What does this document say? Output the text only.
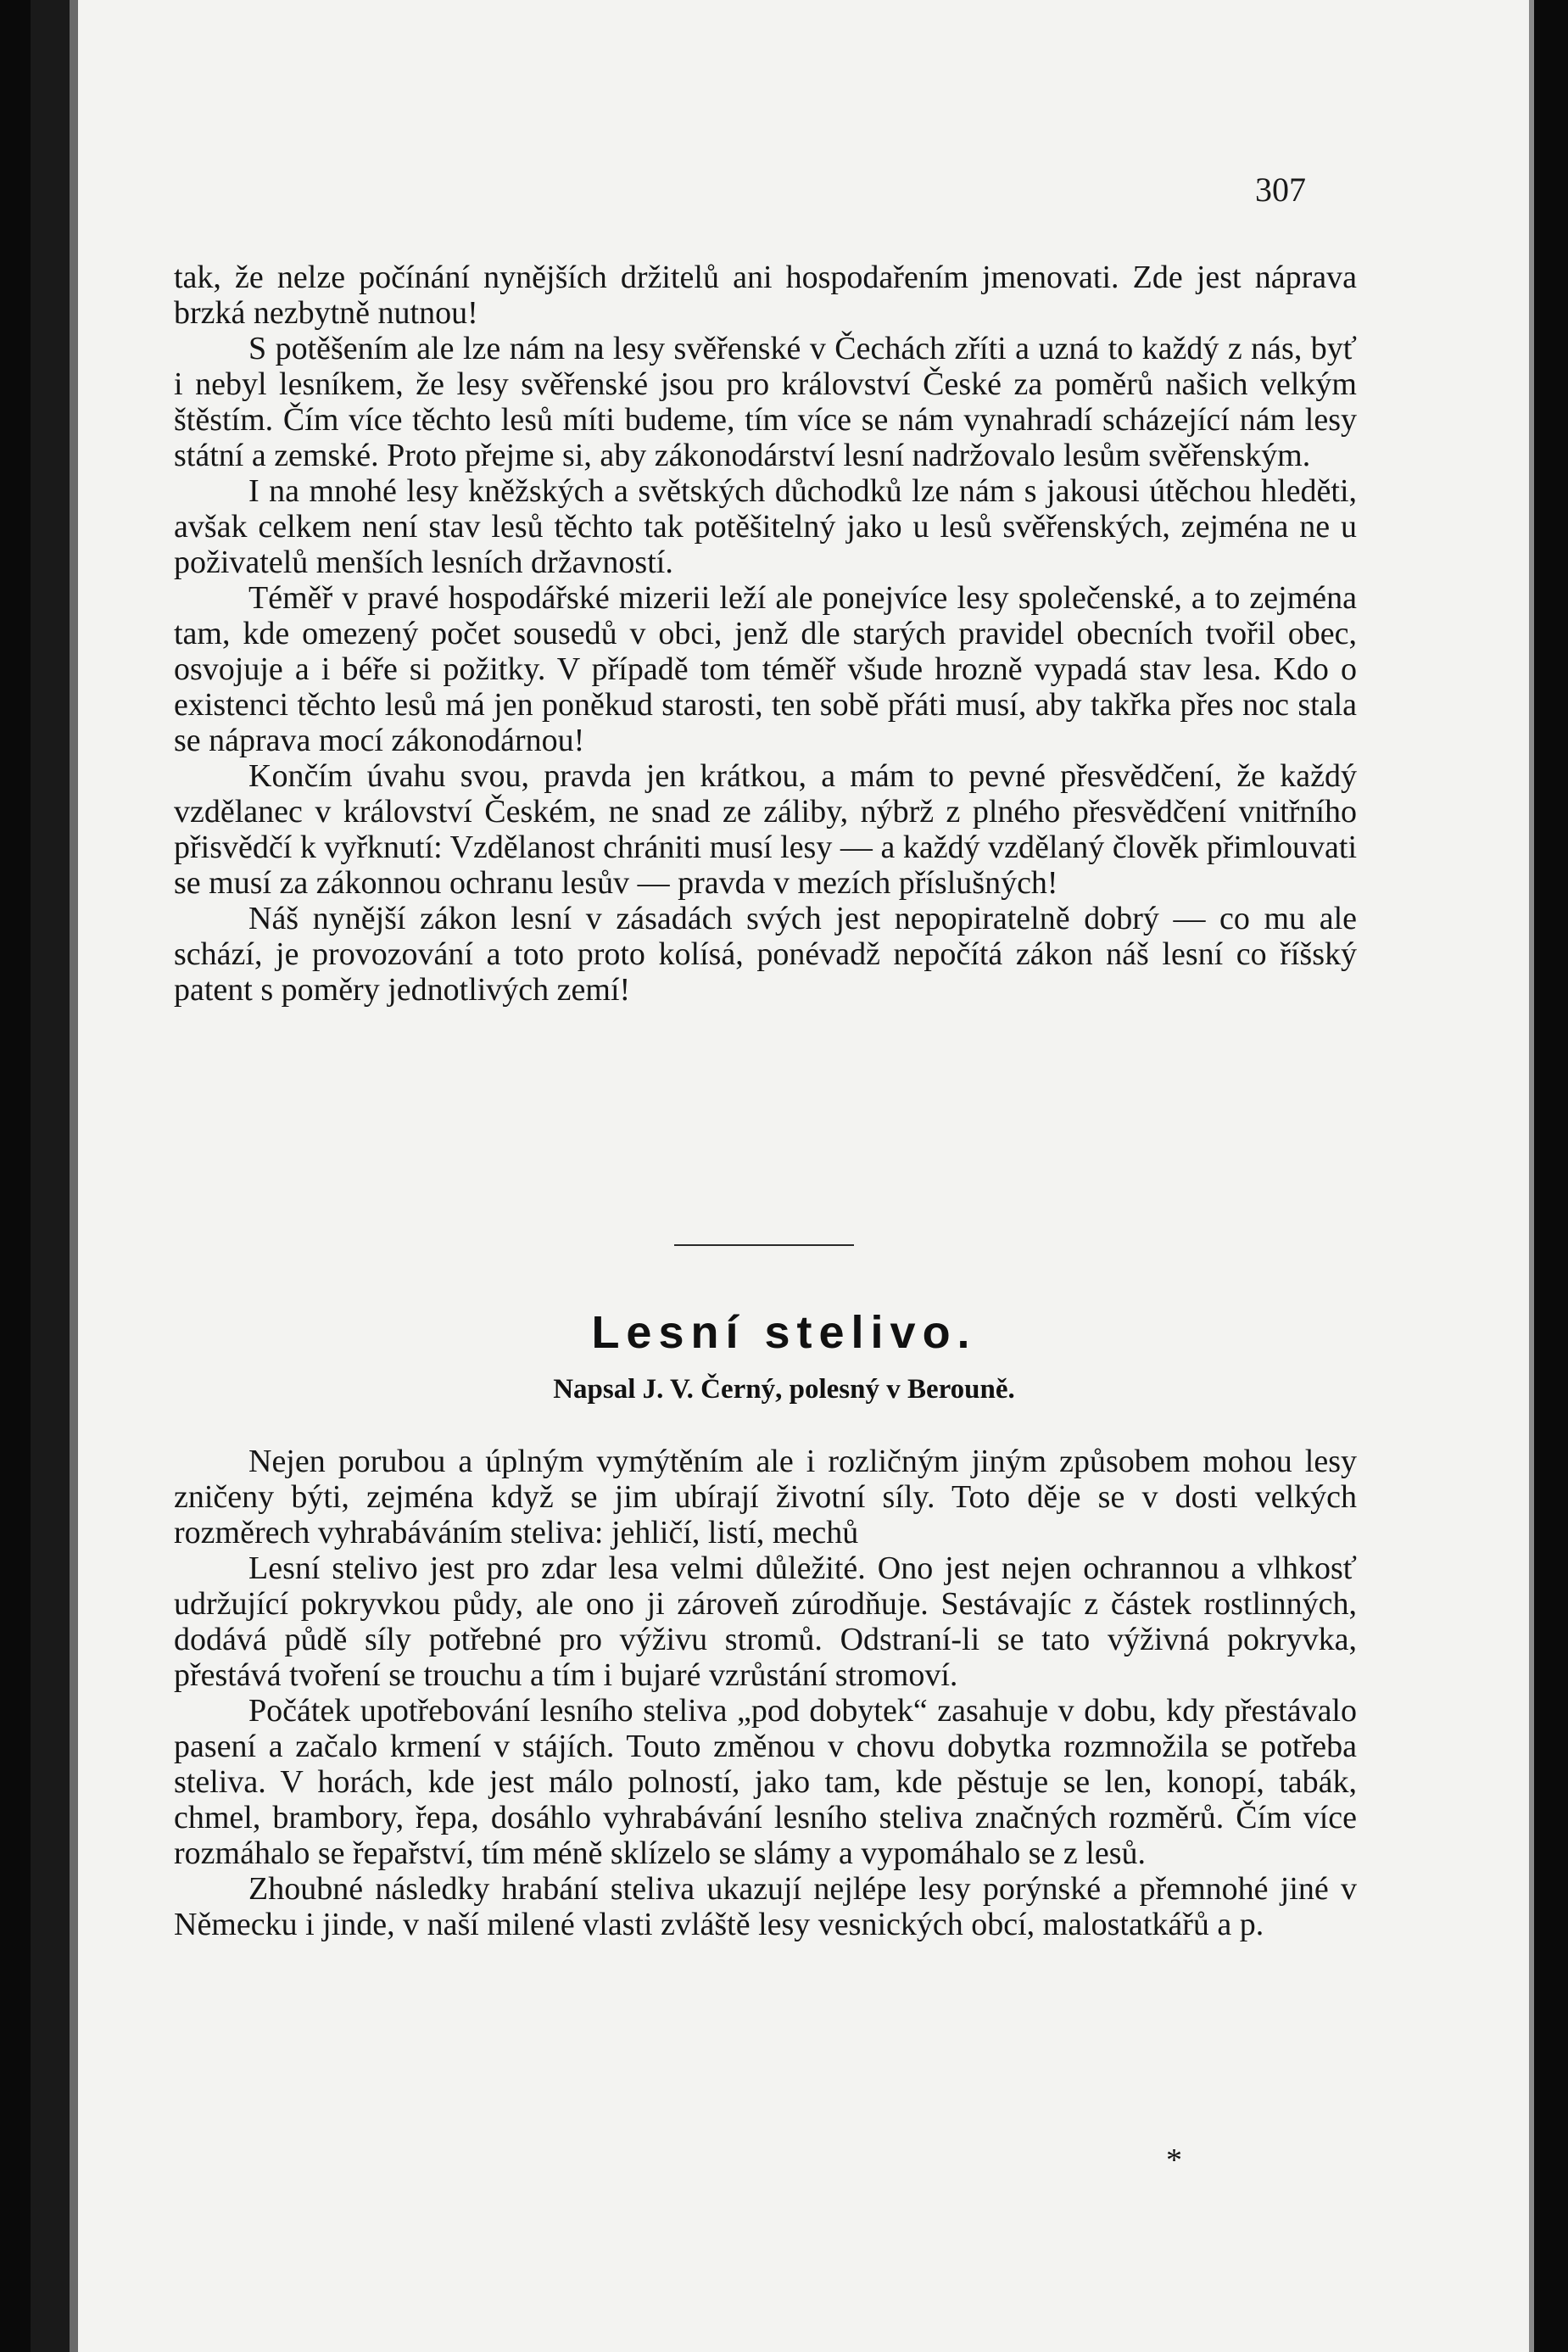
307

tak, že nelze počínání nynějších držitelů ani hospodařením jmenovati. Zde jest náprava brzká nezbytně nutnou!

S potěšením ale lze nám na lesy svěřenské v Čechách zříti a uzná to každý z nás, byť i nebyl lesníkem, že lesy svěřenské jsou pro království České za poměrů našich velkým štěstím. Čím více těchto lesů míti budeme, tím více se nám vynahradí scházející nám lesy státní a zemské. Proto přejme si, aby zákonodárství lesní nadržovalo lesům svěřenským.

I na mnohé lesy kněžských a světských důchodků lze nám s jakousi útěchou hleděti, avšak celkem není stav lesů těchto tak potěšitelný jako u lesů svěřenských, zejména ne u poživatelů menších lesních državností.

Téměř v pravé hospodářské mizerii leží ale ponejvíce lesy společenské, a to zejména tam, kde omezený počet sousedů v obci, jenž dle starých pravidel obecních tvořil obec, osvojuje a i béře si požitky. V případě tom téměř všude hrozně vypadá stav lesa. Kdo o existenci těchto lesů má jen poněkud starosti, ten sobě přáti musí, aby takřka přes noc stala se náprava mocí zákonodárnou!

Končím úvahu svou, pravda jen krátkou, a mám to pevné přesvědčení, že každý vzdělanec v království Českém, ne snad ze záliby, nýbrž z plného přesvědčení vnitřního přisvědčí k vyřknutí: Vzdělanost chrániti musí lesy — a každý vzdělaný člověk přimlouvati se musí za zákonnou ochranu lesův — pravda v mezích příslušných!

Náš nynější zákon lesní v zásadách svých jest nepopiratelně dobrý — co mu ale schází, je provozování a toto proto kolísá, ponévadž nepočítá zákon náš lesní co říšský patent s poměry jednotlivých zemí!

Lesní stelivo.
Napsal J. V. Černý, polesný v Berouně.

Nejen porubou a úplným vymýtěním ale i rozličným jiným způsobem mohou lesy zničeny býti, zejména když se jim ubírají životní síly. Toto děje se v dosti velkých rozměrech vyhrabáváním steliva: jehličí, listí, mechů

Lesní stelivo jest pro zdar lesa velmi důležité. Ono jest nejen ochrannou a vlhkosť udržující pokryvkou půdy, ale ono ji zároveň zúrodňuje. Sestávajíc z částek rostlinných, dodává půdě síly potřebné pro výživu stromů. Odstraní-li se tato výživná pokryvka, přestává tvoření se trouchu a tím i bujaré vzrůstání stromoví.

Počátek upotřebování lesního steliva „pod dobytek“ zasahuje v dobu, kdy přestávalo pasení a začalo krmení v stájích. Touto změnou v chovu dobytka rozmnožila se potřeba steliva. V horách, kde jest málo polností, jako tam, kde pěstuje se len, konopí, tabák, chmel, brambory, řepa, dosáhlo vyhrabávání lesního steliva značných rozměrů. Čím více rozmáhalo se řepařství, tím méně sklízelo se slámy a vypomáhalo se z lesů.

Zhoubné následky hrabání steliva ukazují nejlépe lesy porýnské a přemnohé jiné v Německu i jinde, v naší milené vlasti zvláště lesy vesnických obcí, malostatkářů a p.

*
